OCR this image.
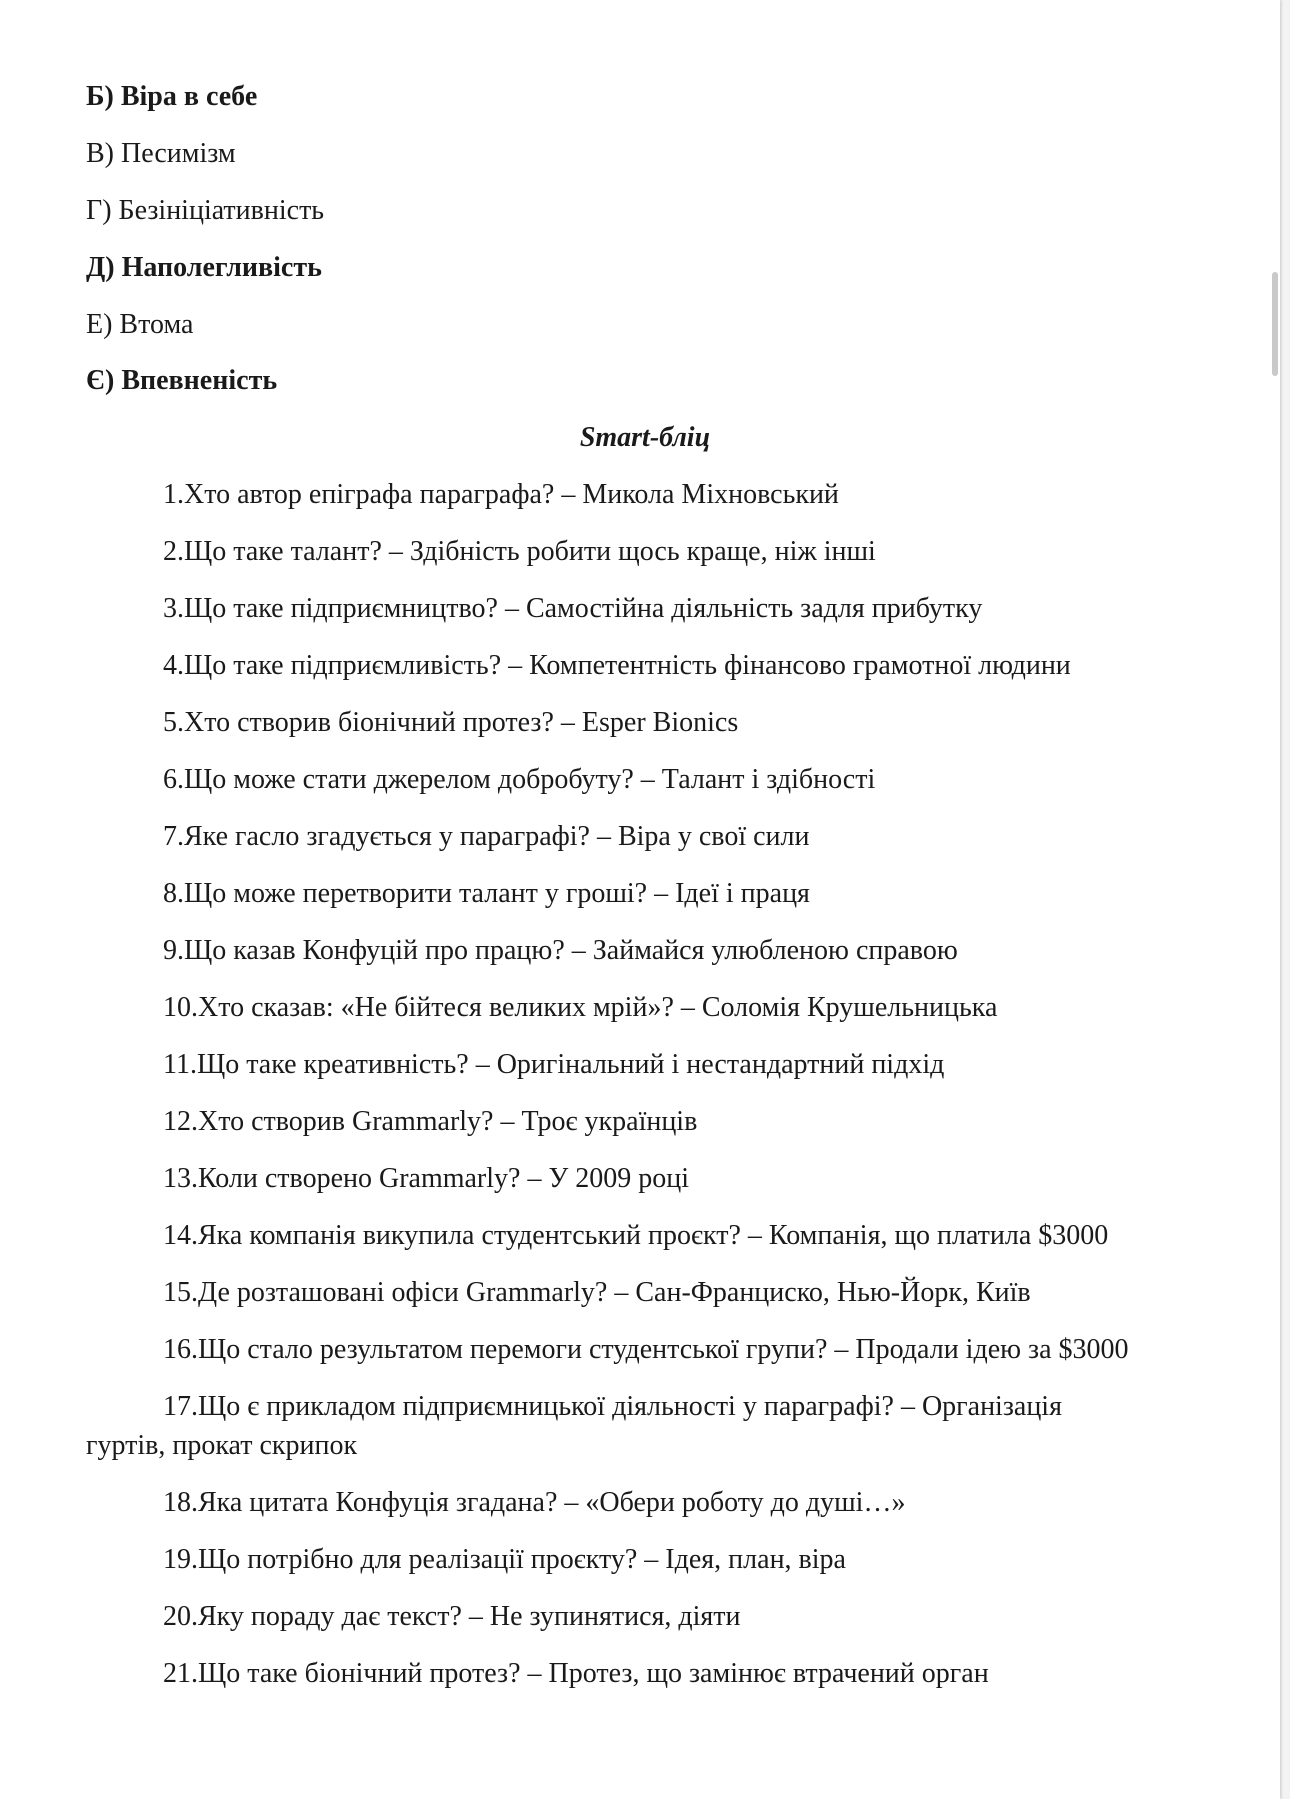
Б) Віра в себе
В) Песимізм
Г) Безініціативність
Д) Наполегливість
Е) Втома
Є) Впевненість
Smart-бліц
1.Хто автор епіграфа параграфа? – Микола Міхновський
2.Що таке талант? – Здібність робити щось краще, ніж інші
3.Що таке підприємництво? – Самостійна діяльність задля прибутку
4.Що таке підприємливість? – Компетентність фінансово грамотної людини
5.Хто створив біонічний протез? – Esper Bionics
6.Що може стати джерелом добробуту? – Талант і здібності
7.Яке гасло згадується у параграфі? – Віра у свої сили
8.Що може перетворити талант у гроші? – Ідеї і праця
9.Що казав Конфуцій про працю? – Займайся улюбленою справою
10.Хто сказав: «Не бійтеся великих мрій»? – Соломія Крушельницька
11.Що таке креативність? – Оригінальний і нестандартний підхід
12.Хто створив Grammarly? – Троє українців
13.Коли створено Grammarly? – У 2009 році
14.Яка компанія викупила студентський проєкт? – Компанія, що платила $3000
15.Де розташовані офіси Grammarly? – Сан-Франциско, Нью-Йорк, Київ
16.Що стало результатом перемоги студентської групи? – Продали ідею за $3000
17.Що є прикладом підприємницької діяльності у параграфі? – Організація
гуртів, прокат скрипок
18.Яка цитата Конфуція згадана? – «Обери роботу до душі…»
19.Що потрібно для реалізації проєкту? – Ідея, план, віра
20.Яку пораду дає текст? – Не зупинятися, діяти
21.Що таке біонічний протез? – Протез, що замінює втрачений орган
